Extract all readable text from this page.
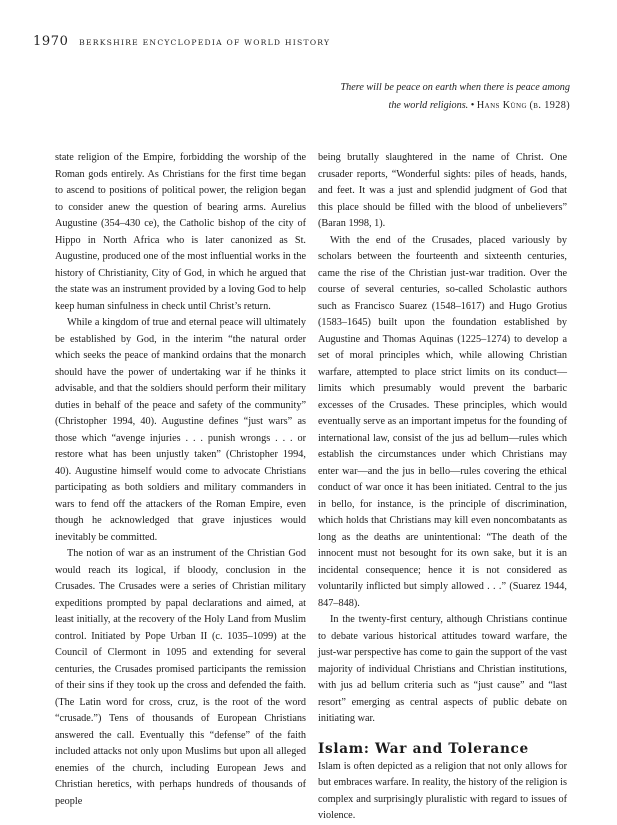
1970 BERKSHIRE ENCYCLOPEDIA OF WORLD HISTORY
There will be peace on earth when there is peace among
the world religions. • Hans Küng (b. 1928)

state religion of the Empire, forbidding the worship of the Roman gods entirely. As Christians for the first time began to ascend to positions of political power, the religion began to consider anew the question of bearing arms. Aurelius Augustine (354–430 ce), the Catholic bishop of the city of Hippo in North Africa who is later canonized as St. Augustine, produced one of the most influential works in the history of Christianity, City of God, in which he argued that the state was an instrument provided by a loving God to help keep human sinfulness in check until Christ’s return.

While a kingdom of true and eternal peace will ultimately be established by God, in the interim “the natural order which seeks the peace of mankind ordains that the monarch should have the power of undertaking war if he thinks it advisable, and that the soldiers should perform their military duties in behalf of the peace and safety of the community” (Christopher 1994, 40). Augustine defines “just wars” as those which “avenge injuries . . . punish wrongs . . . or restore what has been unjustly taken” (Christopher 1994, 40). Augustine himself would come to advocate Christians participating as both soldiers and military commanders in wars to fend off the attackers of the Roman Empire, even though he acknowledged that grave injustices would inevitably be committed.

The notion of war as an instrument of the Christian God would reach its logical, if bloody, conclusion in the Crusades. The Crusades were a series of Christian military expeditions prompted by papal declarations and aimed, at least initially, at the recovery of the Holy Land from Muslim control. Initiated by Pope Urban II (c. 1035–1099) at the Council of Clermont in 1095 and extending for several centuries, the Crusades promised participants the remission of their sins if they took up the cross and defended the faith. (The Latin word for cross, cruz, is the root of the word “crusade.”) Tens of thousands of European Christians answered the call. Eventually this “defense” of the faith included attacks not only upon Muslims but upon all alleged enemies of the church, including European Jews and Christian heretics, with perhaps hundreds of thousands of people

being brutally slaughtered in the name of Christ. One crusader reports, “Wonderful sights: piles of heads, hands, and feet. It was a just and splendid judgment of God that this place should be filled with the blood of unbelievers” (Baran 1998, 1).

With the end of the Crusades, placed variously by scholars between the fourteenth and sixteenth centuries, came the rise of the Christian just-war tradition. Over the course of several centuries, so-called Scholastic authors such as Francisco Suarez (1548–1617) and Hugo Grotius (1583–1645) built upon the foundation established by Augustine and Thomas Aquinas (1225–1274) to develop a set of moral principles which, while allowing Christian warfare, attempted to place strict limits on its conduct—limits which presumably would prevent the barbaric excesses of the Crusades. These principles, which would eventually serve as an important impetus for the founding of international law, consist of the jus ad bellum—rules which establish the circumstances under which Christians may enter war—and the jus in bello—rules covering the ethical conduct of war once it has been initiated. Central to the jus in bello, for instance, is the principle of discrimination, which holds that Christians may kill even noncombatants as long as the deaths are unintentional: “The death of the innocent must not besought for its own sake, but it is an incidental consequence; hence it is not considered as voluntarily inflicted but simply allowed . . .” (Suarez 1944, 847–848).

In the twenty-first century, although Christians continue to debate various historical attitudes toward warfare, the just-war perspective has come to gain the support of the vast majority of individual Christians and Christian institutions, with jus ad bellum criteria such as “just cause” and “last resort” emerging as central aspects of public debate on initiating war.

Islam: War and Tolerance

Islam is often depicted as a religion that not only allows for but embraces warfare. In reality, the history of the religion is complex and surprisingly pluralistic with regard to issues of violence.
